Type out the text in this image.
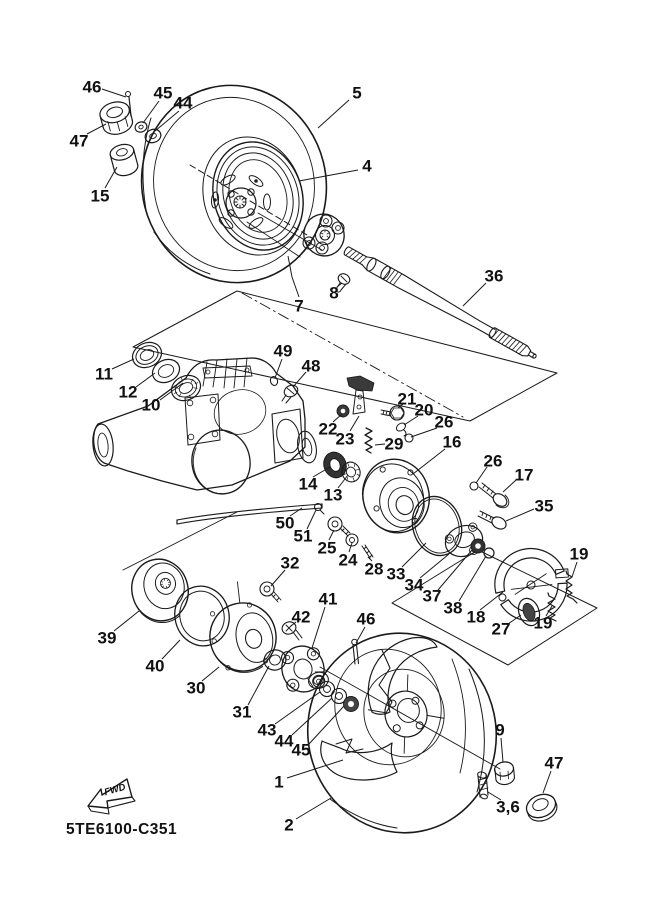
FWD
46	45
44
47
15
5
4
7
8
36
49
48
11
12
10
22
23
21
20
26
29 16
26
17
35
14
13
50
51
25
24 28 33
34
37
38 18
27
19
19
32
39
40
30
31
41
42	46
43
44
45
1
2
9
3,6
47
5TE6100-C351
